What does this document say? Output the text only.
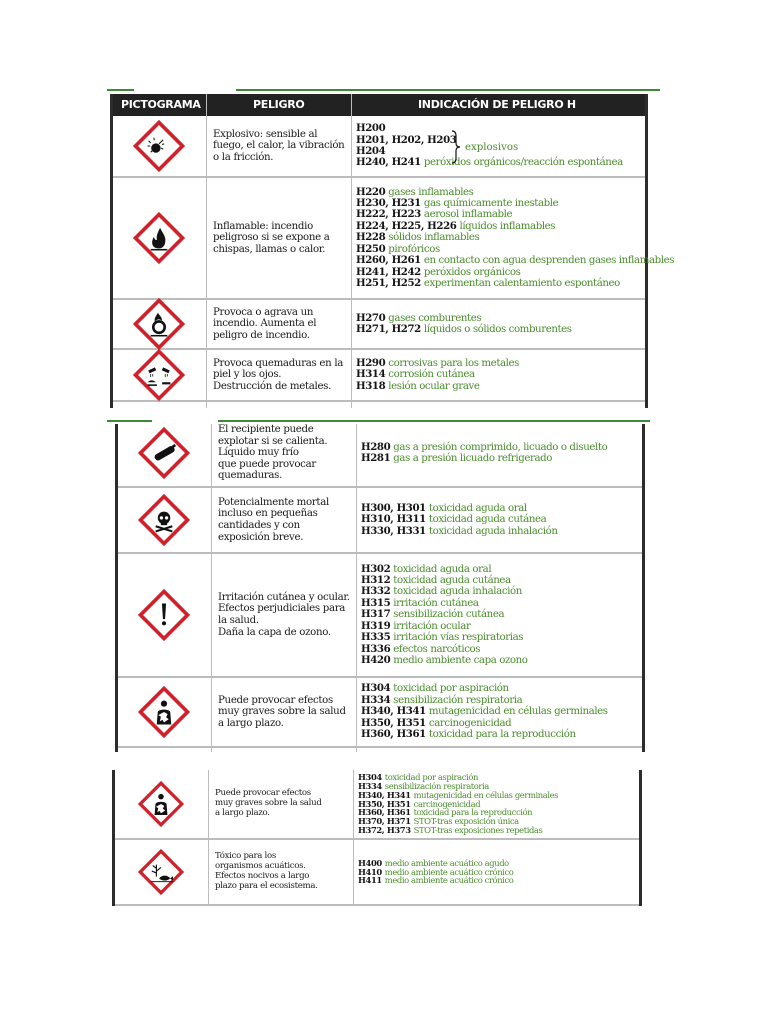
PICTOGRAMA	PELIGRO	INDICACIÓN DE PELIGRO H
Explosivo: sensible al
fuego, el calor, la vibración
o la fricción.
H200
H201, H202, H203
H204
H240, H241 peróxidos orgánicos/reacción espontánea
explosivos
Inflamable: incendio
peligroso si se expone a
chispas, llamas o calor.
H220 gases inflamables
H230, H231 gas químicamente inestable
H222, H223 aerosol inflamable
H224, H225, H226 líquidos inflamables
H228 sólidos inflamables
H250 pirofóricos
H260, H261 en contacto con agua desprenden gases inflamables
H241, H242 peróxidos orgánicos
H251, H252 experimentan calentamiento espontáneo
Provoca o agrava un
incendio. Aumenta el
peligro de incendio.
H270 gases comburentes
H271, H272 líquidos o sólidos comburentes
Provoca quemaduras en la
piel y los ojos.
Destrucción de metales.
H290 corrosivas para los metales
H314 corrosión cutánea
H318 lesión ocular grave
El recipiente puede
explotar si se calienta.
Líquido muy frío
que puede provocar
quemaduras.
H280 gas a presión comprimido, licuado o disuelto
H281 gas a presión licuado refrigerado
Potencialmente mortal
incluso en pequeñas
cantidades y con
exposición breve.
H300, H301 toxicidad aguda oral
H310, H311 toxicidad aguda cutánea
H330, H331 toxicidad aguda inhalación
Irritación cutánea y ocular.
Efectos perjudiciales para
la salud.
Daña la capa de ozono.
H302 toxicidad aguda oral
H312 toxicidad aguda cutánea
H332 toxicidad aguda inhalación
H315 irritación cutánea
H317 sensibilización cutánea
H319 irritación ocular
H335 irritación vías respiratorias
H336 efectos narcóticos
H420 medio ambiente capa ozono
Puede provocar efectos
muy graves sobre la salud
a largo plazo.
H304 toxicidad por aspiración
H334 sensibilización respiratoria
H340, H341 mutagenicidad en células germinales
H350, H351 carcinogenicidad
H360, H361 toxicidad para la reproducción
Puede provocar efectos
muy graves sobre la salud
a largo plazo.
H304 toxicidad por aspiración
H334 sensibilización respiratoria
H340, H341 mutagenicidad en células germinales
H350, H351 carcinogenicidad
H360, H361 toxicidad para la reproducción
H370, H371 STOT-tras exposición única
H372, H373 STOT-tras exposiciones repetidas
Tóxico para los
organismos acuáticos.
Efectos nocivos a largo
plazo para el ecosistema.
H400 medio ambiente acuático agudo
H410 medio ambiente acuático crónico
H411 medio ambiente acuático crónico
